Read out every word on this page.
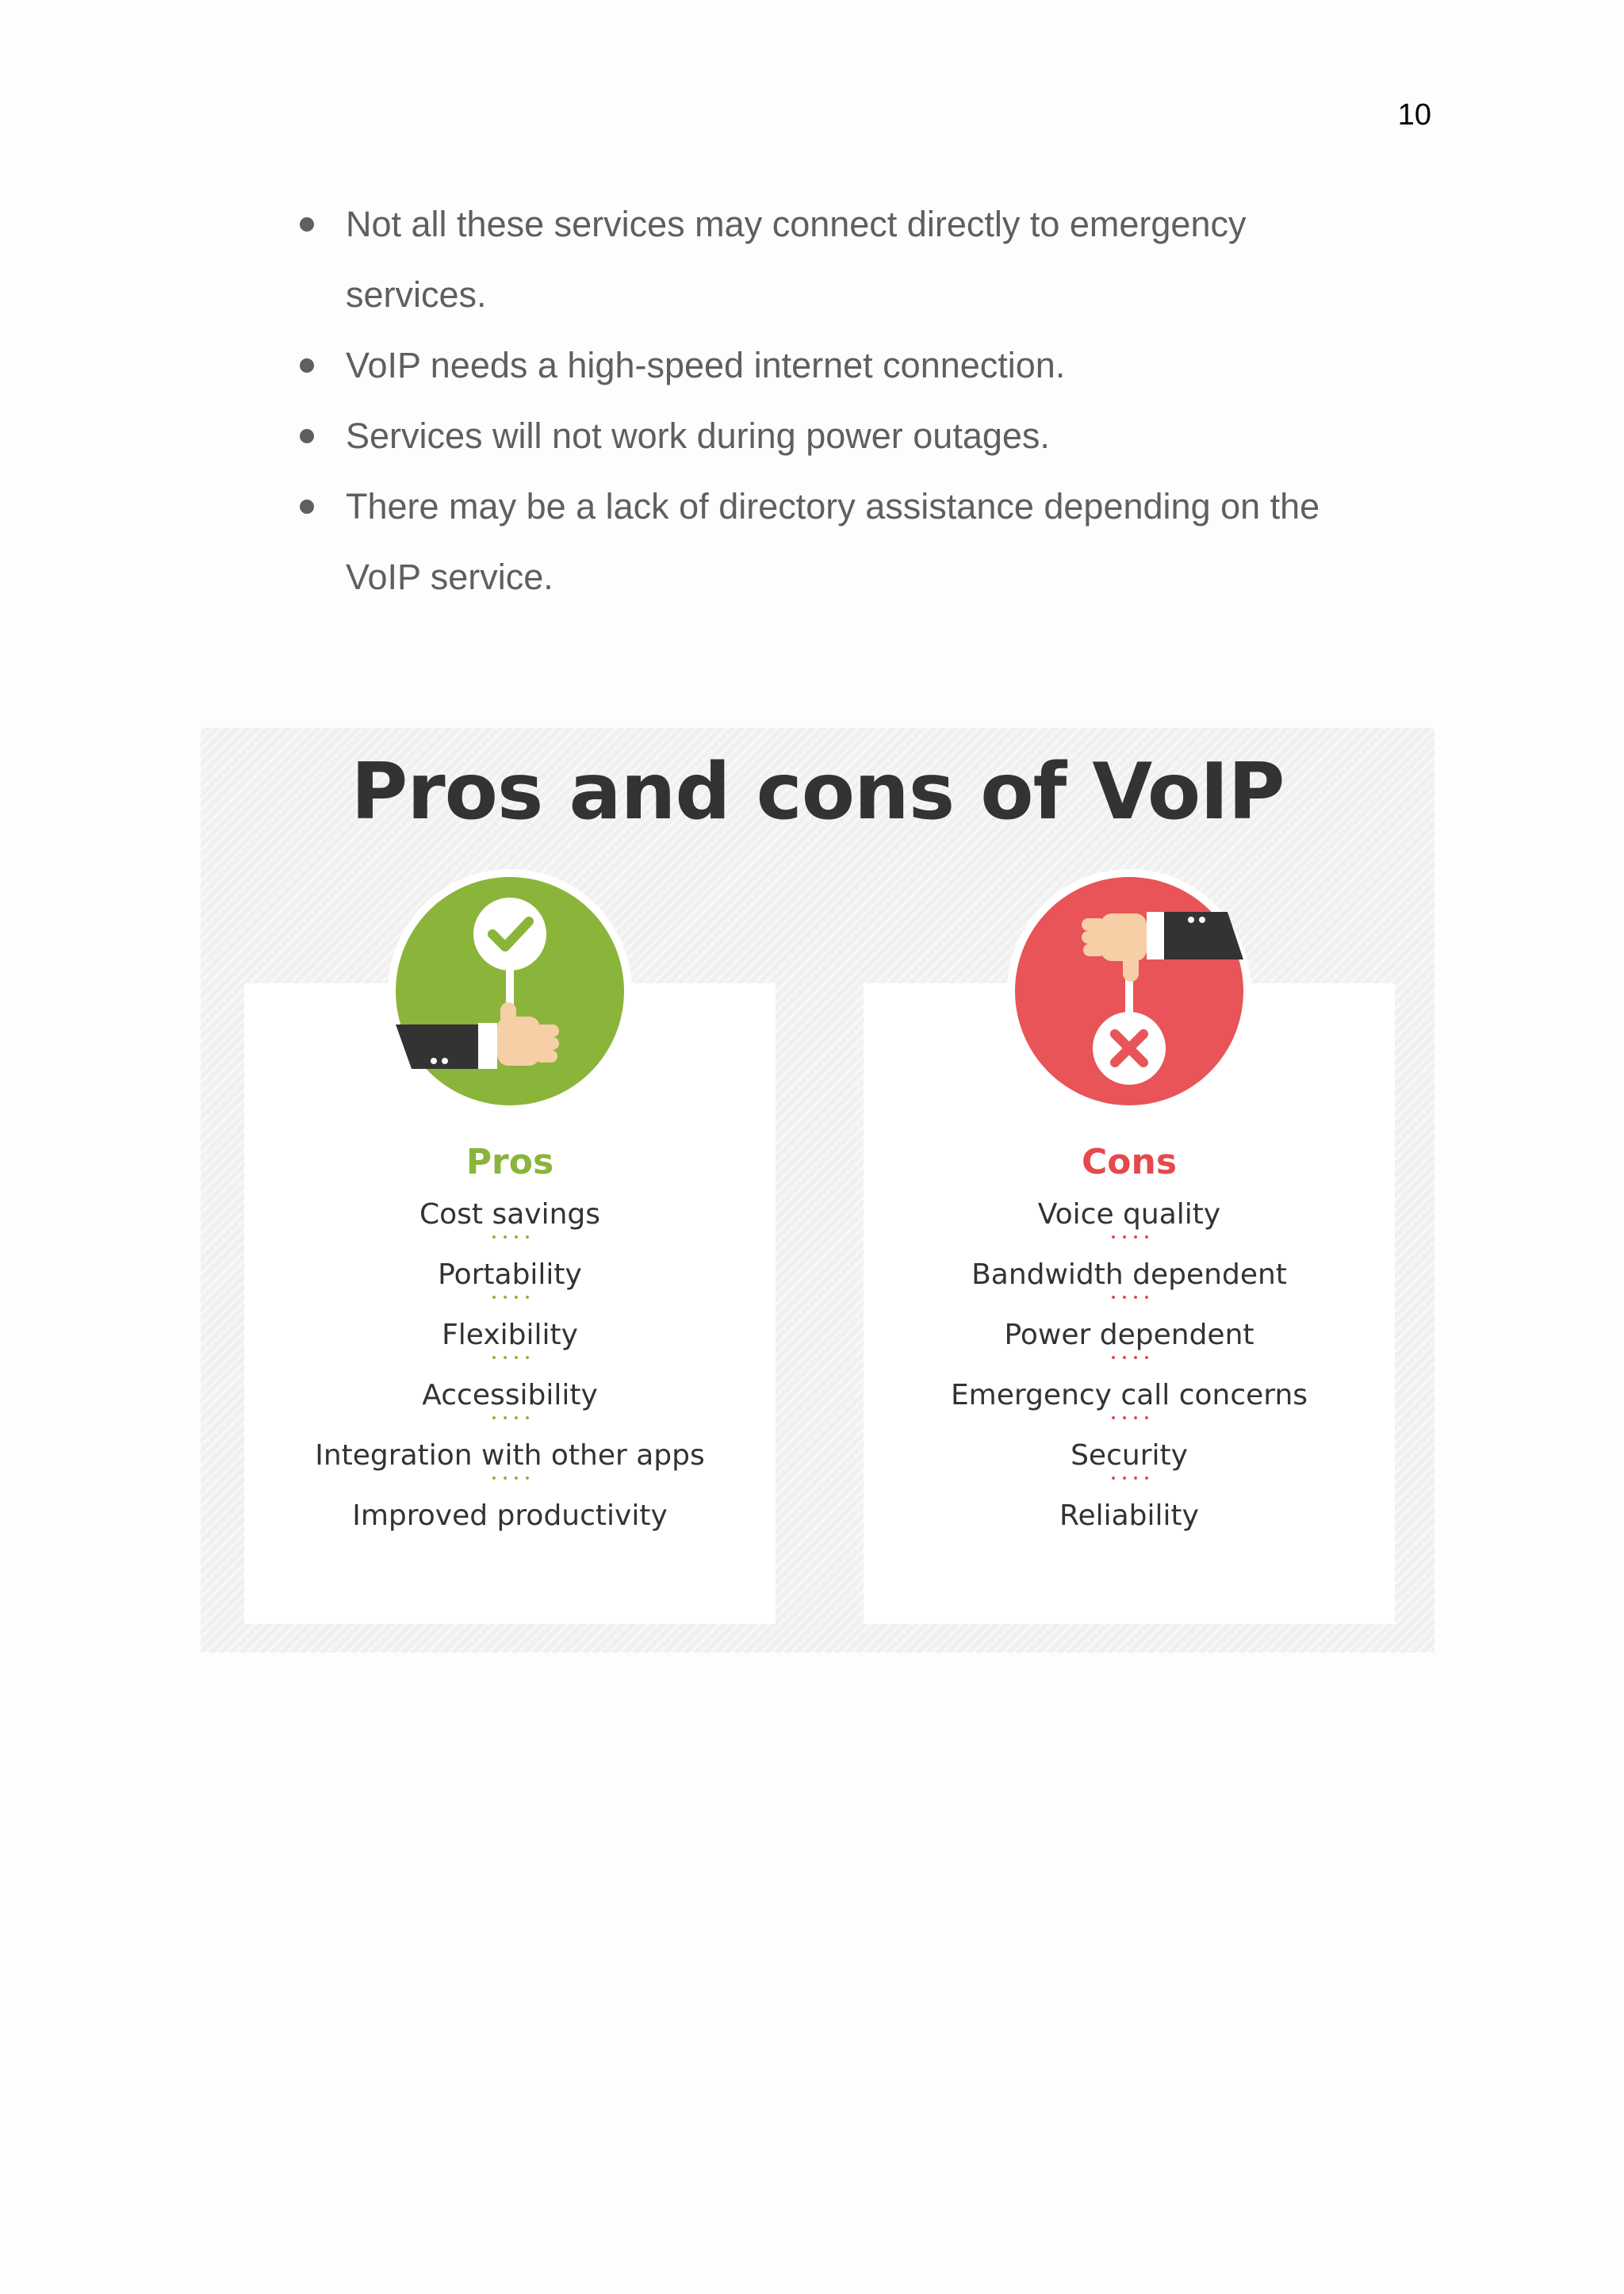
10
Not all these services may connect directly to emergency services.
VoIP needs a high-speed internet connection.
Services will not work during power outages.
There may be a lack of directory assistance depending on the VoIP service.
Pros and cons of VoIP
Pros
Cost savings
Portability
Flexibility
Accessibility
Integration with other apps
Improved productivity
Cons
Voice quality
Bandwidth dependent
Power dependent
Emergency call concerns
Security
Reliability
